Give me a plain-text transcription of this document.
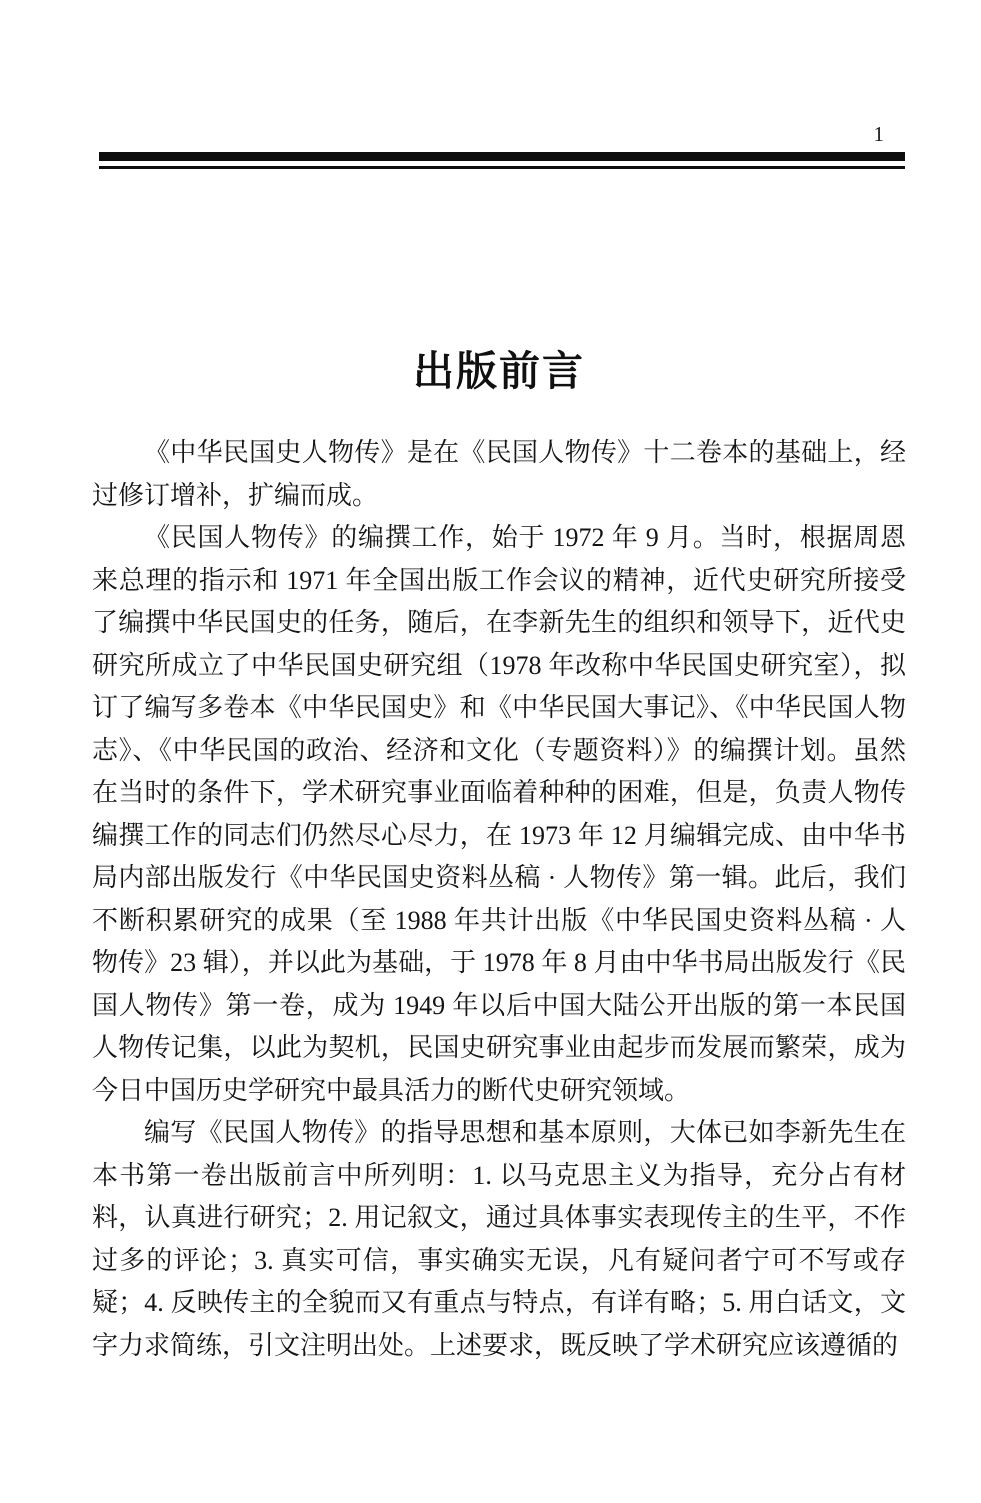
1
出版前言

《中华民国史人物传》是在《民国人物传》十二卷本的基础上，经过修订增补，扩编而成。

《民国人物传》的编撰工作，始于 1972 年 9 月。当时，根据周恩来总理的指示和 1971 年全国出版工作会议的精神，近代史研究所接受了编撰中华民国史的任务，随后，在李新先生的组织和领导下，近代史研究所成立了中华民国史研究组（1978 年改称中华民国史研究室），拟订了编写多卷本《中华民国史》和《中华民国大事记》、《中华民国人物志》、《中华民国的政治、经济和文化（专题资料）》的编撰计划。虽然在当时的条件下，学术研究事业面临着种种的困难，但是，负责人物传编撰工作的同志们仍然尽心尽力，在 1973 年 12 月编辑完成、由中华书局内部出版发行《中华民国史资料丛稿 · 人物传》第一辑。此后，我们不断积累研究的成果（至 1988 年共计出版《中华民国史资料丛稿 · 人物传》23 辑），并以此为基础，于 1978 年 8 月由中华书局出版发行《民国人物传》第一卷，成为 1949 年以后中国大陆公开出版的第一本民国人物传记集，以此为契机，民国史研究事业由起步而发展而繁荣，成为今日中国历史学研究中最具活力的断代史研究领域。

编写《民国人物传》的指导思想和基本原则，大体已如李新先生在本书第一卷出版前言中所列明：1. 以马克思主义为指导，充分占有材料，认真进行研究；2. 用记叙文，通过具体事实表现传主的生平，不作过多的评论；3. 真实可信，事实确实无误，凡有疑问者宁可不写或存疑；4. 反映传主的全貌而又有重点与特点，有详有略；5. 用白话文，文字力求简练，引文注明出处。上述要求，既反映了学术研究应该遵循的
